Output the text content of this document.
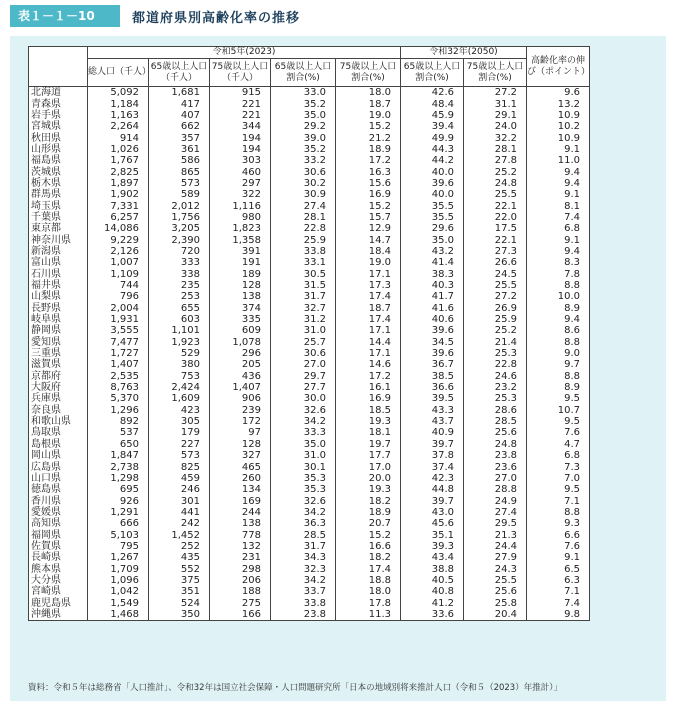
表１－１－10	都道府県別高齢化率の推移
	令和5年(2023)					令和32年(2050)		高齢化率の伸び（ポイント）
	総人口（千人）	65歳以上人口（千人）	75歳以上人口（千人）	65歳以上人口割合(%)	75歳以上人口割合(%)	65歳以上人口割合(%)	75歳以上人口割合(%)	
北海道	5,092	1,681	915	33.0	18.0	42.6	27.2	9.6
青森県	1,184	417	221	35.2	18.7	48.4	31.1	13.2
岩手県	1,163	407	221	35.0	19.0	45.9	29.1	10.9
宮城県	2,264	662	344	29.2	15.2	39.4	24.0	10.2
秋田県	914	357	194	39.0	21.2	49.9	32.2	10.9
山形県	1,026	361	194	35.2	18.9	44.3	28.1	9.1
福島県	1,767	586	303	33.2	17.2	44.2	27.8	11.0
茨城県	2,825	865	460	30.6	16.3	40.0	25.2	9.4
栃木県	1,897	573	297	30.2	15.6	39.6	24.8	9.4
群馬県	1,902	589	322	30.9	16.9	40.0	25.5	9.1
埼玉県	7,331	2,012	1,116	27.4	15.2	35.5	22.1	8.1
千葉県	6,257	1,756	980	28.1	15.7	35.5	22.0	7.4
東京都	14,086	3,205	1,823	22.8	12.9	29.6	17.5	6.8
神奈川県	9,229	2,390	1,358	25.9	14.7	35.0	22.1	9.1
新潟県	2,126	720	391	33.8	18.4	43.2	27.3	9.4
富山県	1,007	333	191	33.1	19.0	41.4	26.6	8.3
石川県	1,109	338	189	30.5	17.1	38.3	24.5	7.8
福井県	744	235	128	31.5	17.3	40.3	25.5	8.8
山梨県	796	253	138	31.7	17.4	41.7	27.2	10.0
長野県	2,004	655	374	32.7	18.7	41.6	26.9	8.9
岐阜県	1,931	603	335	31.2	17.4	40.6	25.9	9.4
静岡県	3,555	1,101	609	31.0	17.1	39.6	25.2	8.6
愛知県	7,477	1,923	1,078	25.7	14.4	34.5	21.4	8.8
三重県	1,727	529	296	30.6	17.1	39.6	25.3	9.0
滋賀県	1,407	380	205	27.0	14.6	36.7	22.8	9.7
京都府	2,535	753	436	29.7	17.2	38.5	24.6	8.8
大阪府	8,763	2,424	1,407	27.7	16.1	36.6	23.2	8.9
兵庫県	5,370	1,609	906	30.0	16.9	39.5	25.3	9.5
奈良県	1,296	423	239	32.6	18.5	43.3	28.6	10.7
和歌山県	892	305	172	34.2	19.3	43.7	28.5	9.5
鳥取県	537	179	97	33.3	18.1	40.9	25.6	7.6
島根県	650	227	128	35.0	19.7	39.7	24.8	4.7
岡山県	1,847	573	327	31.0	17.7	37.8	23.8	6.8
広島県	2,738	825	465	30.1	17.0	37.4	23.6	7.3
山口県	1,298	459	260	35.3	20.0	42.3	27.0	7.0
徳島県	695	246	134	35.3	19.3	44.8	28.8	9.5
香川県	926	301	169	32.6	18.2	39.7	24.9	7.1
愛媛県	1,291	441	244	34.2	18.9	43.0	27.4	8.8
高知県	666	242	138	36.3	20.7	45.6	29.5	9.3
福岡県	5,103	1,452	778	28.5	15.2	35.1	21.3	6.6
佐賀県	795	252	132	31.7	16.6	39.3	24.4	7.6
長崎県	1,267	435	231	34.3	18.2	43.4	27.9	9.1
熊本県	1,709	552	298	32.3	17.4	38.8	24.3	6.5
大分県	1,096	375	206	34.2	18.8	40.5	25.5	6.3
宮崎県	1,042	351	188	33.7	18.0	40.8	25.6	7.1
鹿児島県	1,549	524	275	33.8	17.8	41.2	25.8	7.4
沖縄県	1,468	350	166	23.8	11.3	33.6	20.4	9.8
資料：令和５年は総務省「人口推計」、令和32年は国立社会保障・人口問題研究所「日本の地域別将来推計人口（令和５（2023）年推計）」
